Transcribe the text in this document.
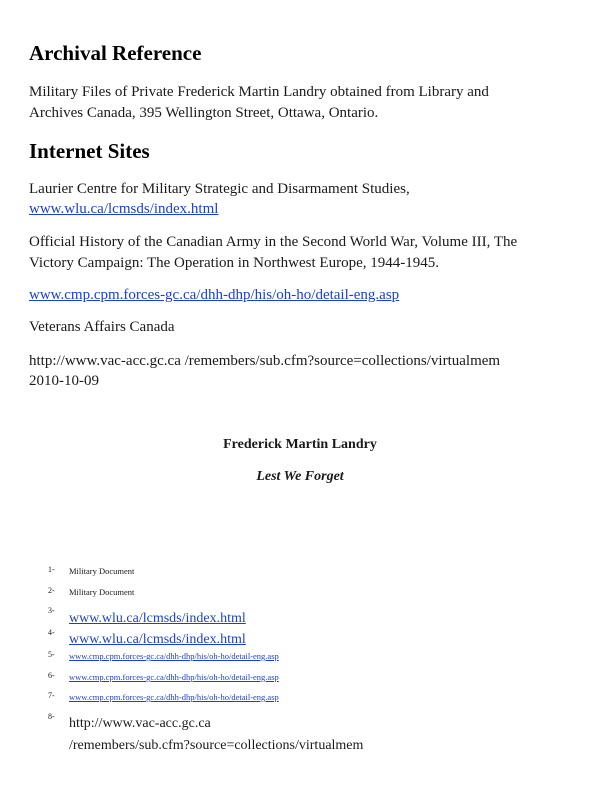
Archival Reference

Military Files of Private Frederick Martin Landry obtained from Library and

Archives Canada, 395 Wellington Street, Ottawa, Ontario.

Internet Sites

Laurier Centre for Military Strategic and Disarmament Studies,

www.wlu.ca/lcmsds/index.html

Official History of the Canadian Army in the Second World War, Volume III, The

Victory Campaign: The Operation in Northwest Europe, 1944-1945.

www.cmp.cpm.forces-gc.ca/dhh-dhp/his/oh-ho/detail-eng.asp

Veterans Affairs Canada

http://www.vac-acc.gc.ca /remembers/sub.cfm?source=collections/virtualmem

2010-10-09

Frederick Martin Landry
Lest We Forget
1- Military Document
2- Military Document
3-
www.wlu.ca/lcmsds/index.html
4- www.wlu.ca/lcmsds/index.html
5- www.cmp.cpm.forces-gc.ca/dhh-dhp/his/oh-ho/detail-eng.asp
6- www.cmp.cpm.forces-gc.ca/dhh-dhp/his/oh-ho/detail-eng.asp
7- www.cmp.cpm.forces-gc.ca/dhh-dhp/his/oh-ho/detail-eng.asp
8- http://www.vac-acc.gc.ca
/remembers/sub.cfm?source=collections/virtualmem
